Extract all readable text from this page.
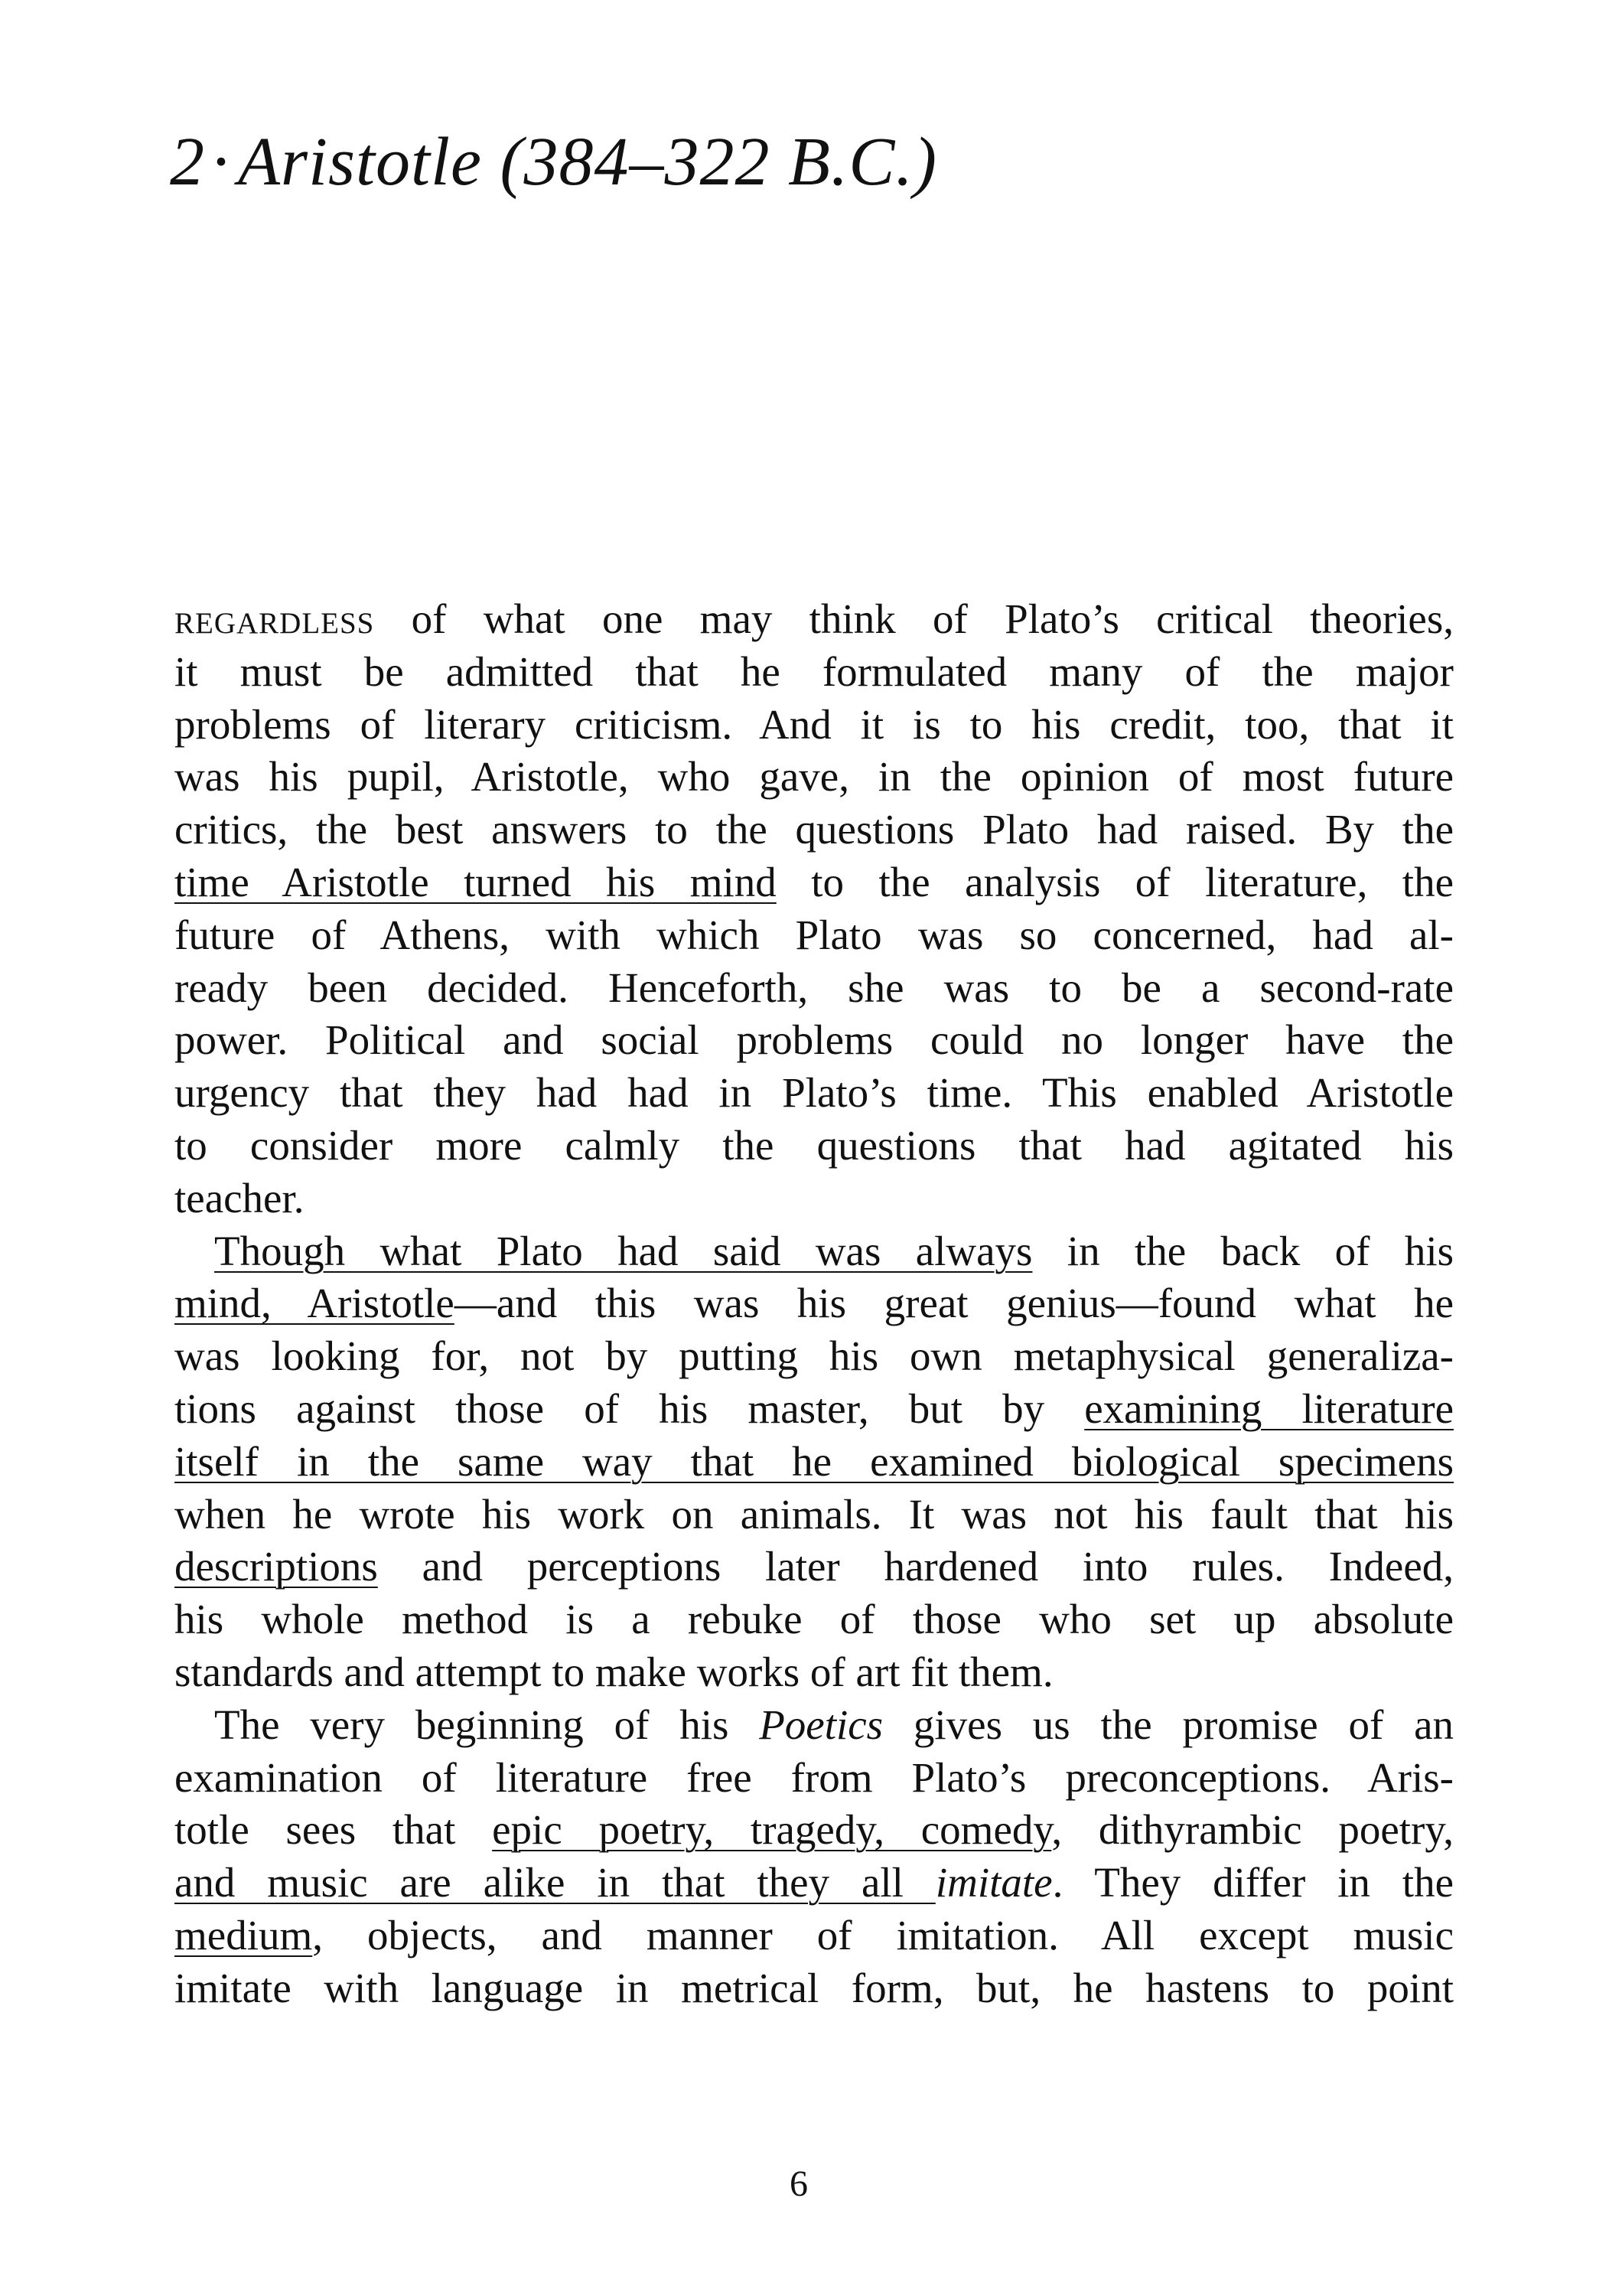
2·Aristotle (384–322 B.C.)
regardless of what one may think of Plato’s critical theories,
it must be admitted that he formulated many of the major
problems of literary criticism. And it is to his credit, too, that it
was his pupil, Aristotle, who gave, in the opinion of most future
critics, the best answers to the questions Plato had raised. By the
time Aristotle turned his mind to the analysis of literature, the
future of Athens, with which Plato was so concerned, had al-
ready been decided. Henceforth, she was to be a second-rate
power. Political and social problems could no longer have the
urgency that they had had in Plato’s time. This enabled Aristotle
to consider more calmly the questions that had agitated his
teacher.
Though what Plato had said was always in the back of his
mind, Aristotle—and this was his great genius—found what he
was looking for, not by putting his own metaphysical generaliza-
tions against those of his master, but by examining literature
itself in the same way that he examined biological specimens
when he wrote his work on animals. It was not his fault that his
descriptions and perceptions later hardened into rules. Indeed,
his whole method is a rebuke of those who set up absolute
standards and attempt to make works of art fit them.
The very beginning of his Poetics gives us the promise of an
examination of literature free from Plato’s preconceptions. Aris-
totle sees that epic poetry, tragedy, comedy, dithyrambic poetry,
and music are alike in that they all imitate. They differ in the
medium, objects, and manner of imitation. All except music
imitate with language in metrical form, but, he hastens to point
6
